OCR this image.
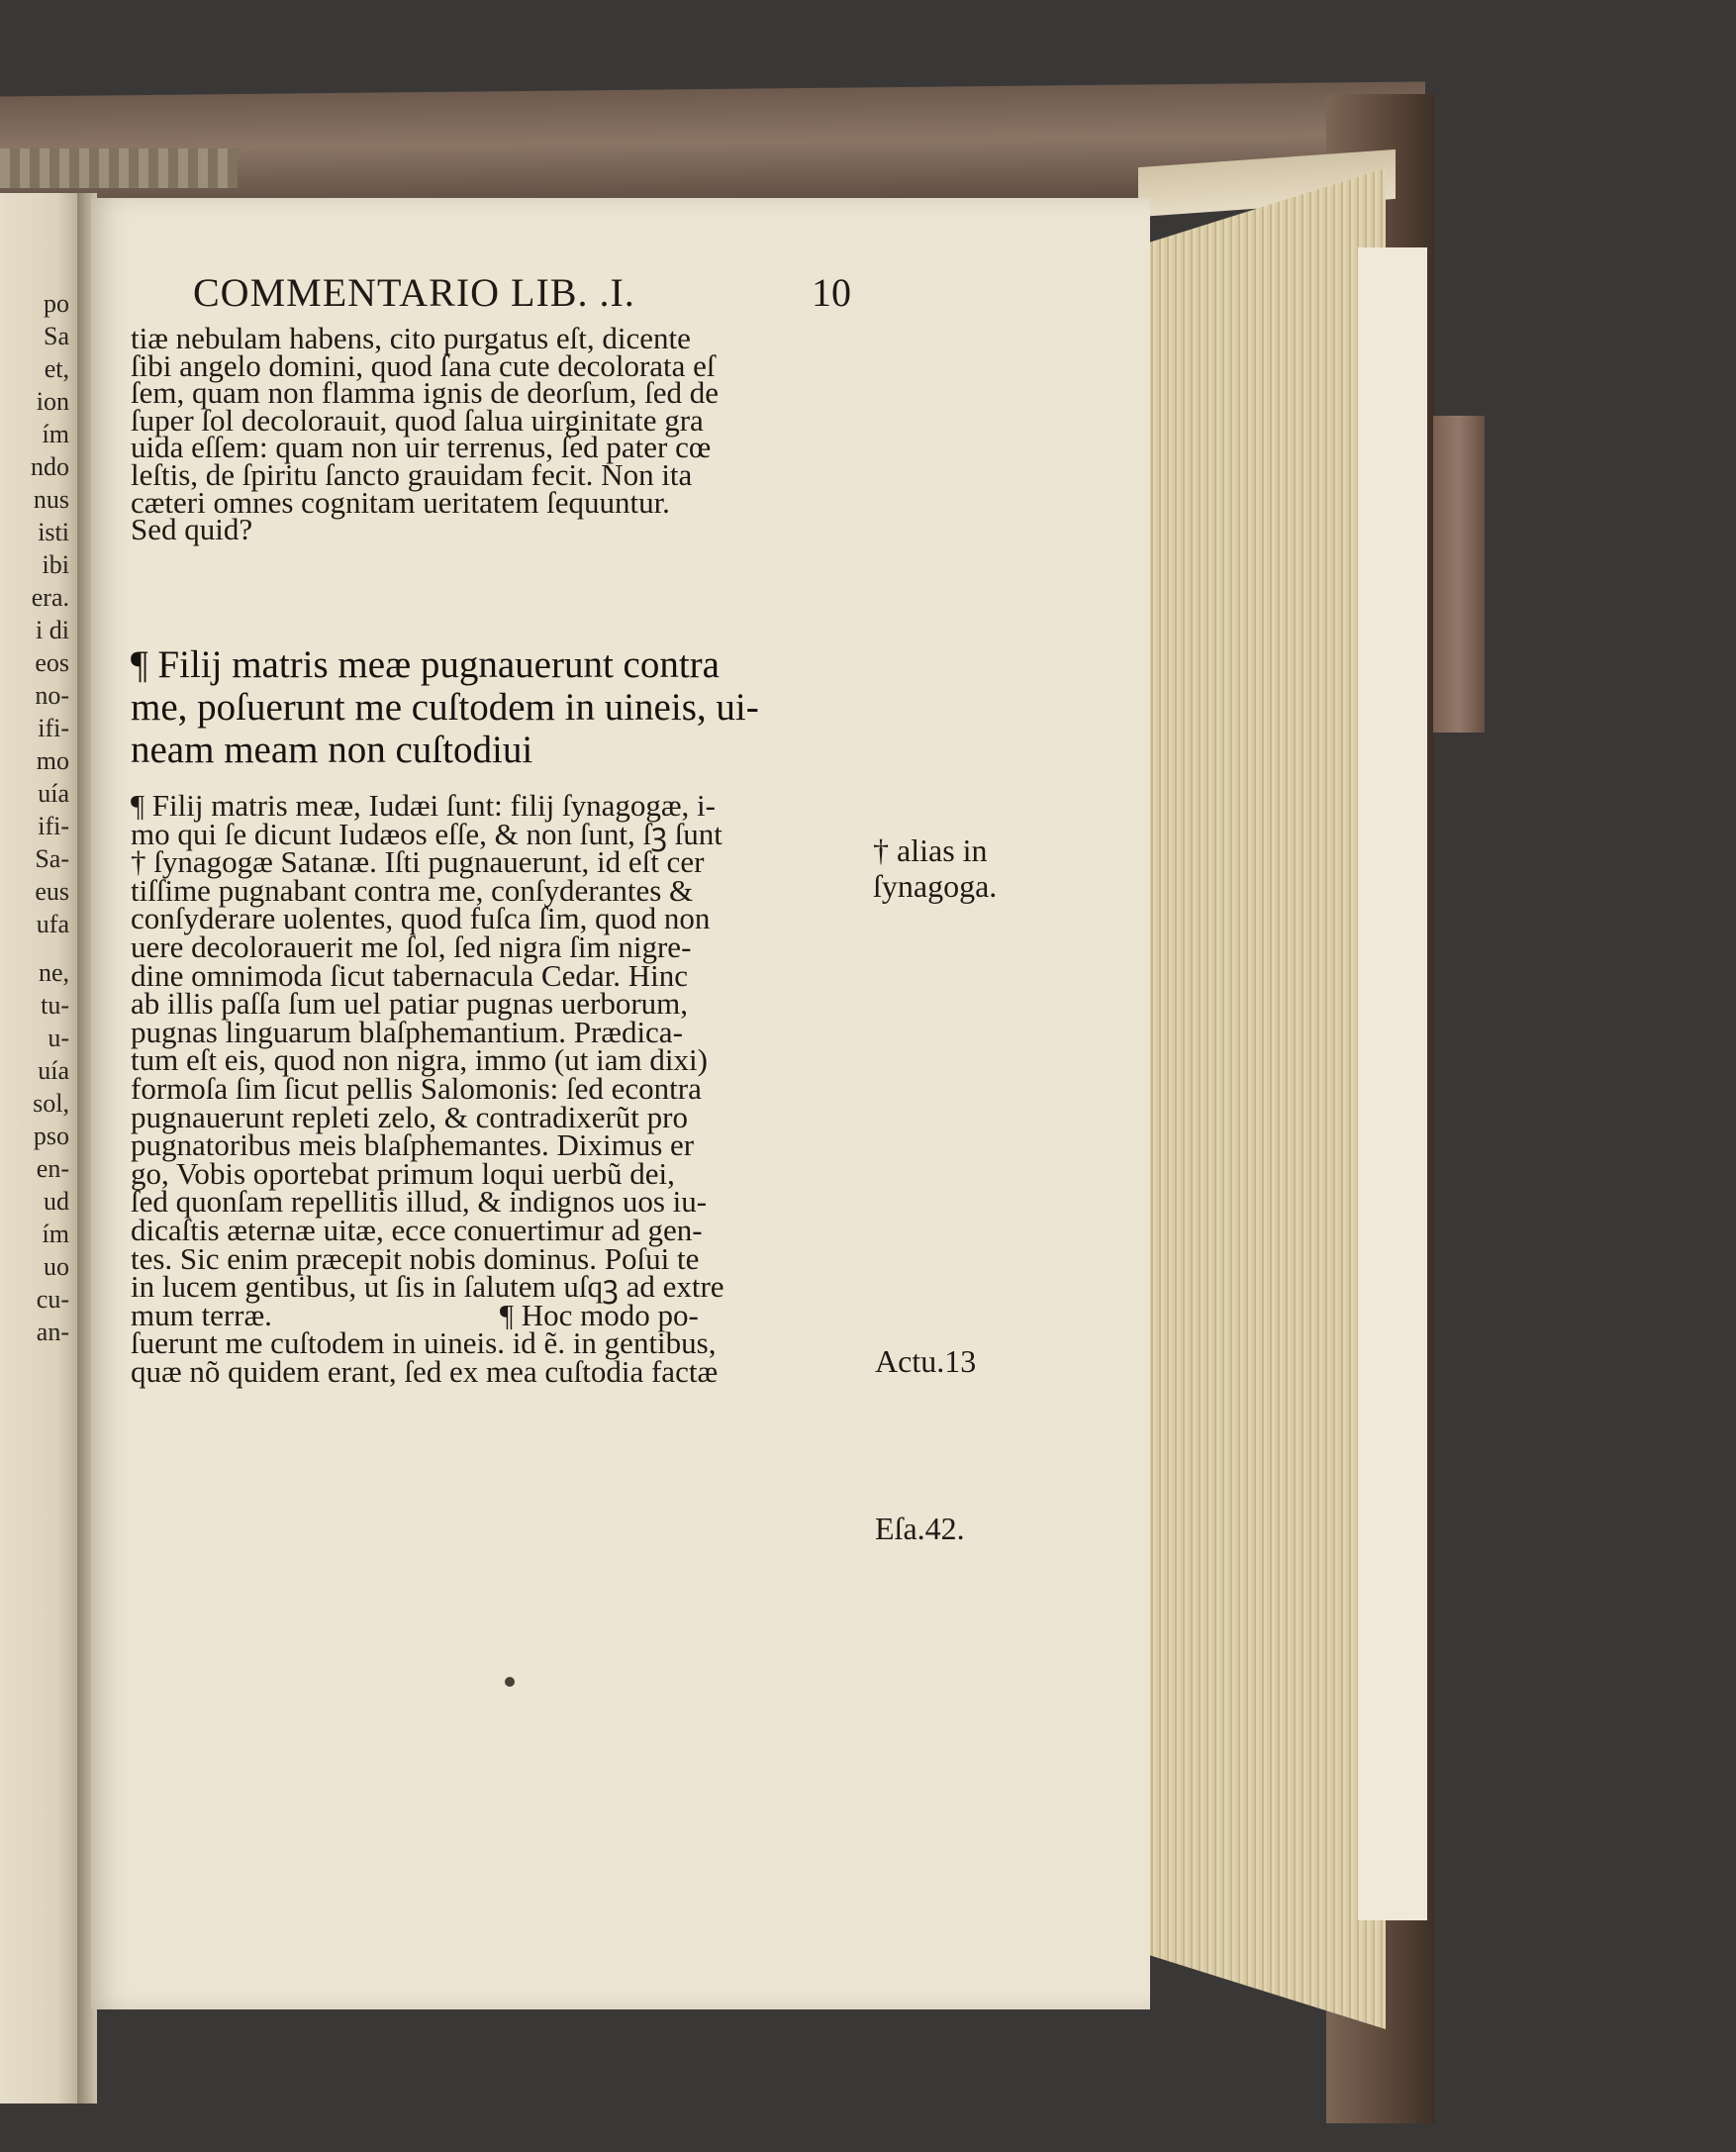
po
Sa
et,
ion
ím
ndo
nus
isti
ibi
era.
i di
eos
no-
ifi-
mo
uía
ifi-
Sa-
eus
ufa
ne,
tu-
u-
uía
sol,
pso
en-
ud
ím
uo
cu-
an-
COMMENTARIO LIB. .I.	10
tiæ nebulam habens, cito purgatus eſt, dicente
ſibi angelo domini, quod ſana cute decolorata eſ
ſem, quam non flamma ignis de deorſum, ſed de
ſuper ſol decolorauit, quod ſalua uirginitate gra
uida eſſem: quam non uir terrenus, ſed pater cœ
leſtis, de ſpiritu ſancto grauidam fecit. Non ita
cæteri omnes cognitam ueritatem ſequuntur.
Sed quid?
¶ Filij matris meæ pugnauerunt contra
me, poſuerunt me cuſtodem in uineis, ui-
neam meam non cuſtodiui
¶ Filij matris meæ, Iudæi ſunt: filij ſynagogæ, i-
mo qui ſe dicunt Iudæos eſſe, & non ſunt, ſꝫ ſunt
† ſynagogæ Satanæ. Iſti pugnauerunt, id eſt cer
tiſſime pugnabant contra me, conſyderantes &
conſyderare uolentes, quod fuſca ſim, quod non
uere decolorauerit me ſol, ſed nigra ſim nigre-
dine omnimoda ſicut tabernacula Cedar. Hinc
ab illis paſſa ſum uel patiar pugnas uerborum,
pugnas linguarum blaſphemantium. Prædica-
tum eſt eis, quod non nigra, immo (ut iam dixi)
formoſa ſim ſicut pellis Salomonis: ſed econtra
pugnauerunt repleti zelo, & contradixerũt pro
pugnatoribus meis blaſphemantes. Diximus er
go, Vobis oportebat primum loqui uerbũ dei,
ſed quonſam repellitis illud, & indignos uos iu-
dicaſtis æternæ uitæ, ecce conuertimur ad gen-
tes. Sic enim præcepit nobis dominus. Poſui te
in lucem gentibus, ut ſis in ſalutem uſqꝫ ad extre
mum terræ.	¶ Hoc modo po-
ſuerunt me cuſtodem in uineis. id ẽ. in gentibus,
quæ nõ quidem erant, ſed ex mea cuſtodia factæ
† alias in
ſynagoga.
Actu.13
Eſa.42.
